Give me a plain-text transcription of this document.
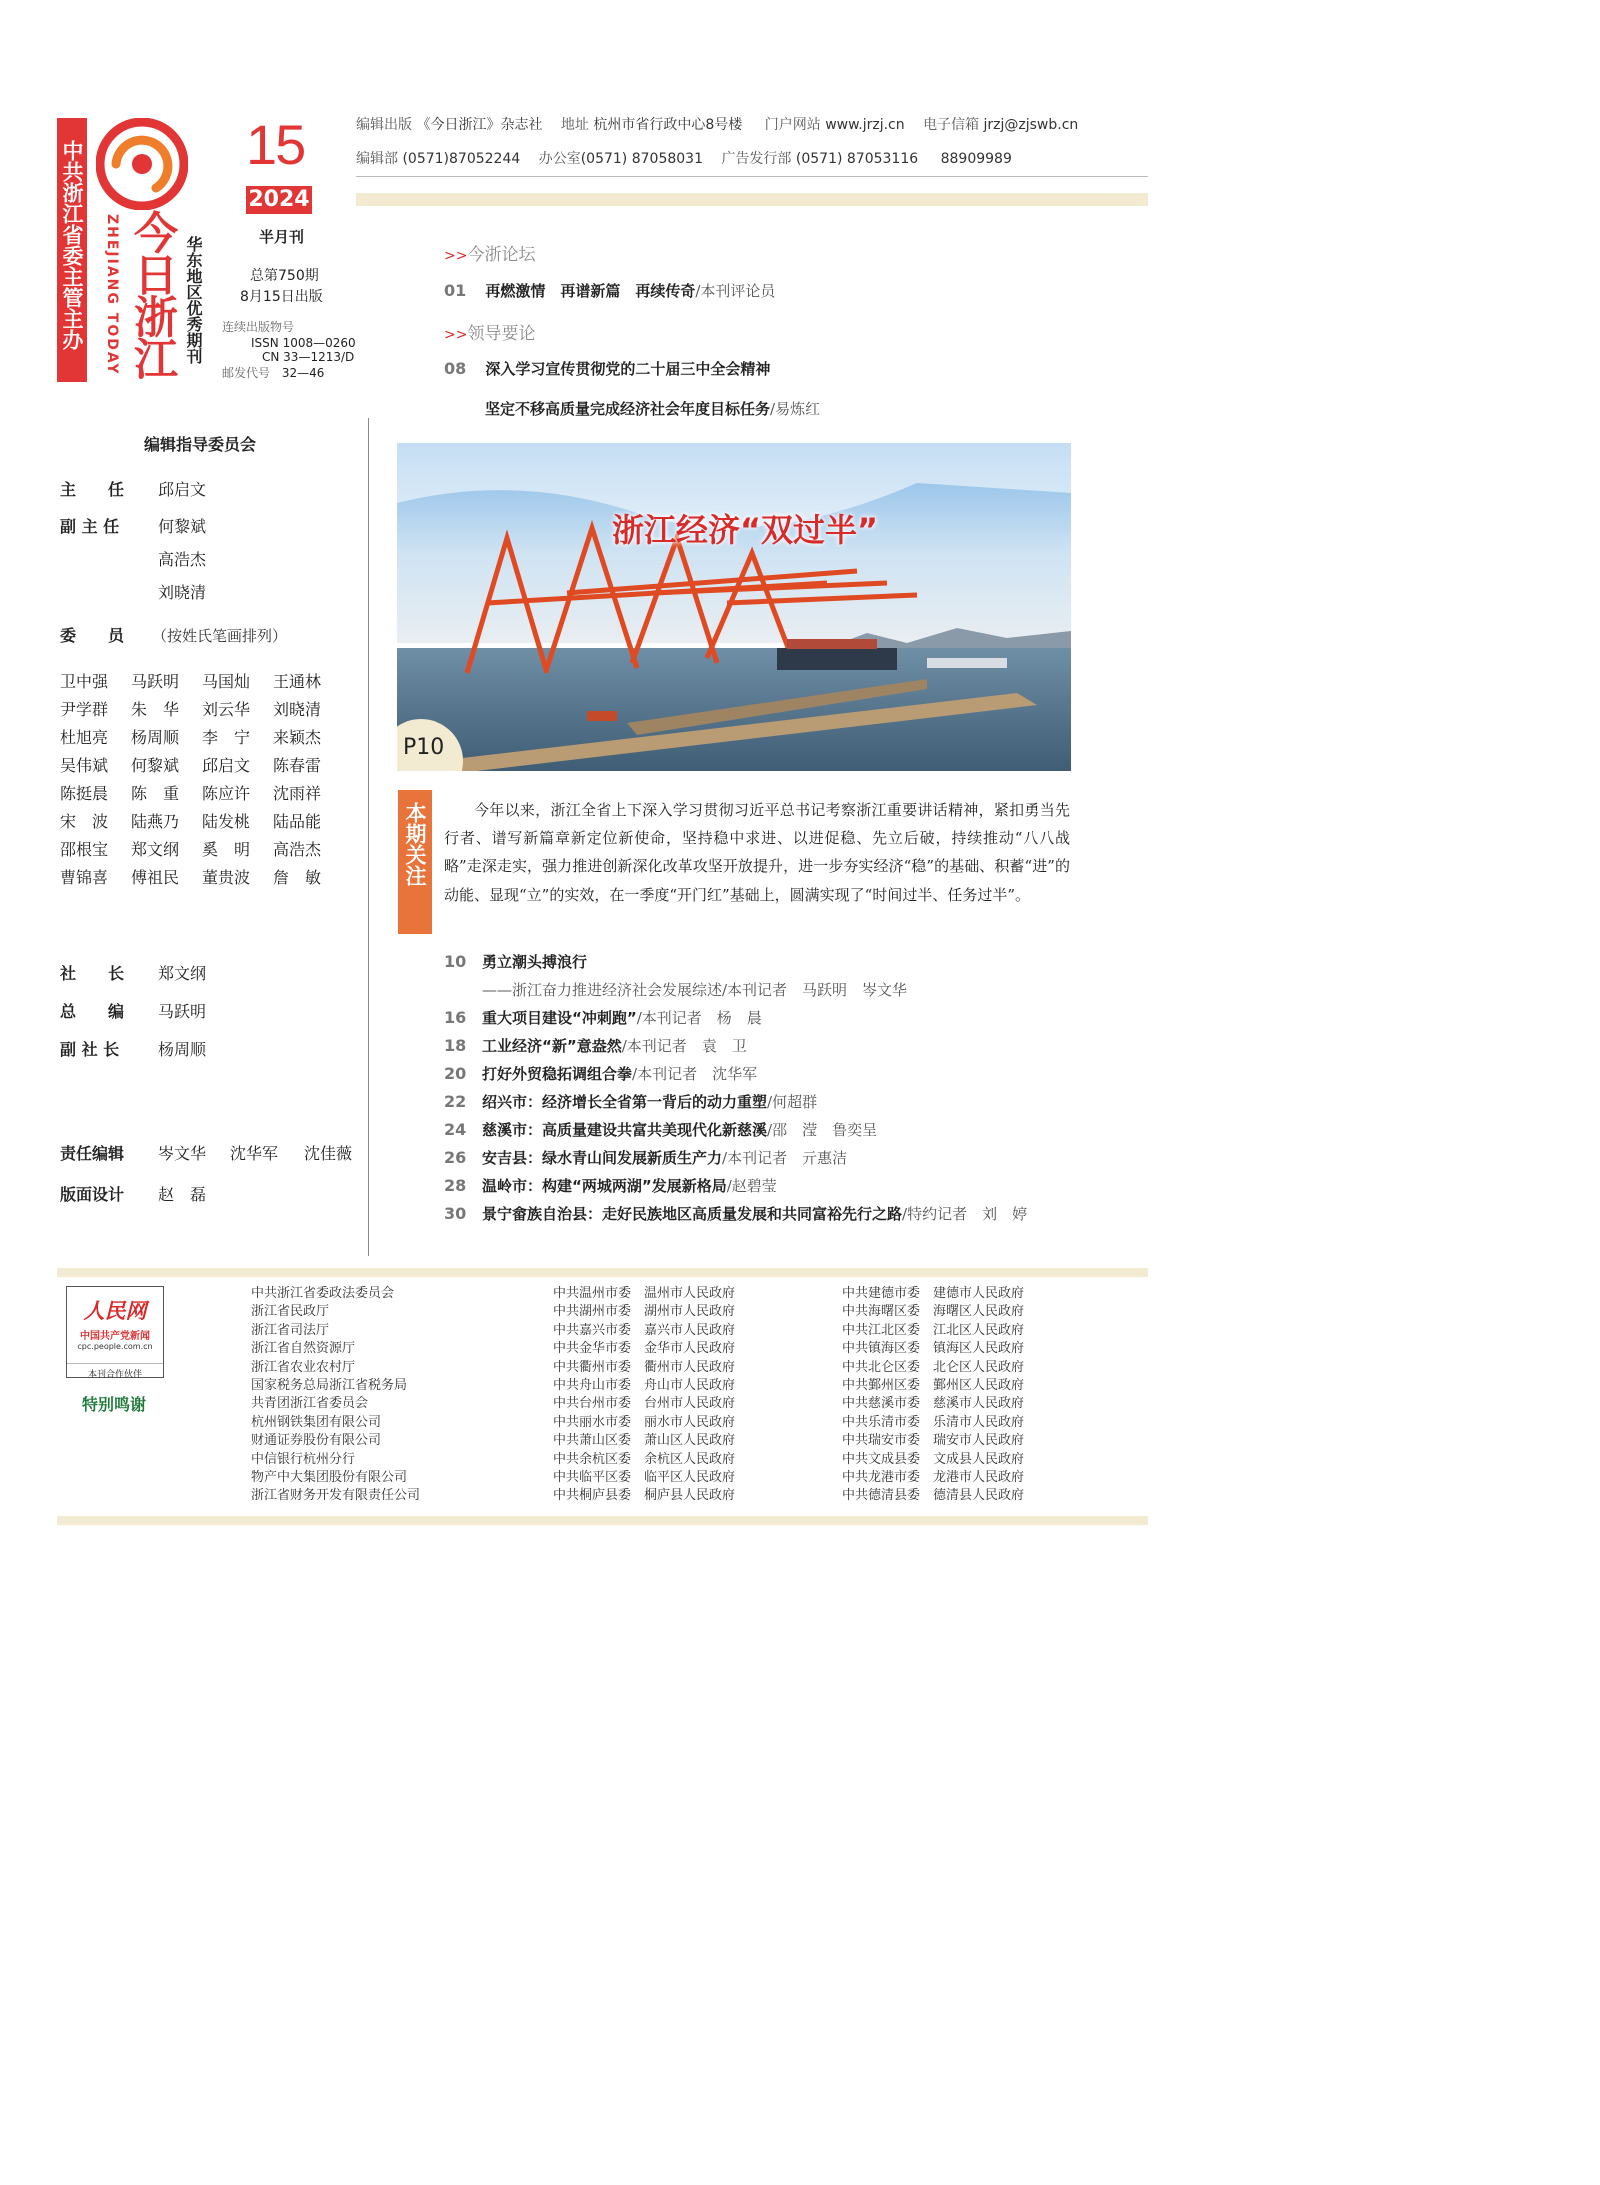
中共浙江省委主管主办 今日浙江
ZHEJIANG TODAY	华东地区优秀期刊
15
2024
半月刊
总第750期
8月15日出版
连续出版物号
ISSN 1008—0260
CN 33—1213/D
邮发代号 32—46
编辑出版 《今日浙江》杂志社 地址 杭州市省行政中心8号楼 门户网站 www.jrzj.cn 电子信箱 jrzj@zjswb.cn
编辑部 (0571)87052244 办公室(0571) 87058031 广告发行部 (0571) 87053116 88909989
>>今浙论坛
01 再燃激情　再谱新篇　再续传奇/本刊评论员
>>领导要论
08 深入学习宣传贯彻党的二十届三中全会精神
坚定不移高质量完成经济社会年度目标任务/易炼红
浙江经济“双过半”
P10
本期关注	今年以来，浙江全省上下深入学习贯彻习近平总书记考察浙江重要讲话精神，紧扣勇当先行者、谱写新篇章新定位新使命，坚持稳中求进、以进促稳、先立后破，持续推动“八八战略”走深走实，强力推进创新深化改革攻坚开放提升，进一步夯实经济“稳”的基础、积蓄“进”的动能、显现“立”的实效，在一季度“开门红”基础上，圆满实现了“时间过半、任务过半”。
10 勇立潮头搏浪行
——浙江奋力推进经济社会发展综述/本刊记者　马跃明　岑文华
16 重大项目建设“冲刺跑”/本刊记者　杨　晨
18 工业经济“新”意盎然/本刊记者　袁　卫
20 打好外贸稳拓调组合拳/本刊记者　沈华军
22 绍兴市：经济增长全省第一背后的动力重塑/何超群
24 慈溪市：高质量建设共富共美现代化新慈溪/邵　滢　鲁奕呈
26 安吉县：绿水青山间发展新质生产力/本刊记者　亓惠洁
28 温岭市：构建“两城两湖”发展新格局/赵碧莹
30 景宁畲族自治县：走好民族地区高质量发展和共同富裕先行之路/特约记者　刘　婷
编辑指导委员会
主　　任 邱启文
副 主 任 何黎斌
高浩杰
刘晓清
委　　员 （按姓氏笔画排列）
卫中强 马跃明 马国灿 王通林
尹学群 朱　华 刘云华 刘晓清
杜旭亮 杨周顺 李　宁 来颖杰
吴伟斌 何黎斌 邱启文 陈春雷
陈挺晨 陈　重 陈应许 沈雨祥
宋　波 陆燕乃 陆发桃 陆品能
邵根宝 郑文纲 奚　明 高浩杰
曹锦喜 傅祖民 董贵波 詹　敏
社　　长 郑文纲
总　　编 马跃明
副 社 长 杨周顺
责任编辑 岑文华 沈华军 沈佳薇
版面设计 赵　磊
人民网
中国共产党新闻
cpc.people.com.cn
本刊合作伙伴
特别鸣谢
中共浙江省委政法委员会
浙江省民政厅
浙江省司法厅
浙江省自然资源厅
浙江省农业农村厅
国家税务总局浙江省税务局
共青团浙江省委员会
杭州钢铁集团有限公司
财通证券股份有限公司
中信银行杭州分行
物产中大集团股份有限公司
浙江省财务开发有限责任公司
中共温州市委　温州市人民政府
中共湖州市委　湖州市人民政府
中共嘉兴市委　嘉兴市人民政府
中共金华市委　金华市人民政府
中共衢州市委　衢州市人民政府
中共舟山市委　舟山市人民政府
中共台州市委　台州市人民政府
中共丽水市委　丽水市人民政府
中共萧山区委　萧山区人民政府
中共余杭区委　余杭区人民政府
中共临平区委　临平区人民政府
中共桐庐县委　桐庐县人民政府
中共建德市委　建德市人民政府
中共海曙区委　海曙区人民政府
中共江北区委　江北区人民政府
中共镇海区委　镇海区人民政府
中共北仑区委　北仑区人民政府
中共鄞州区委　鄞州区人民政府
中共慈溪市委　慈溪市人民政府
中共乐清市委　乐清市人民政府
中共瑞安市委　瑞安市人民政府
中共文成县委　文成县人民政府
中共龙港市委　龙港市人民政府
中共德清县委　德清县人民政府
